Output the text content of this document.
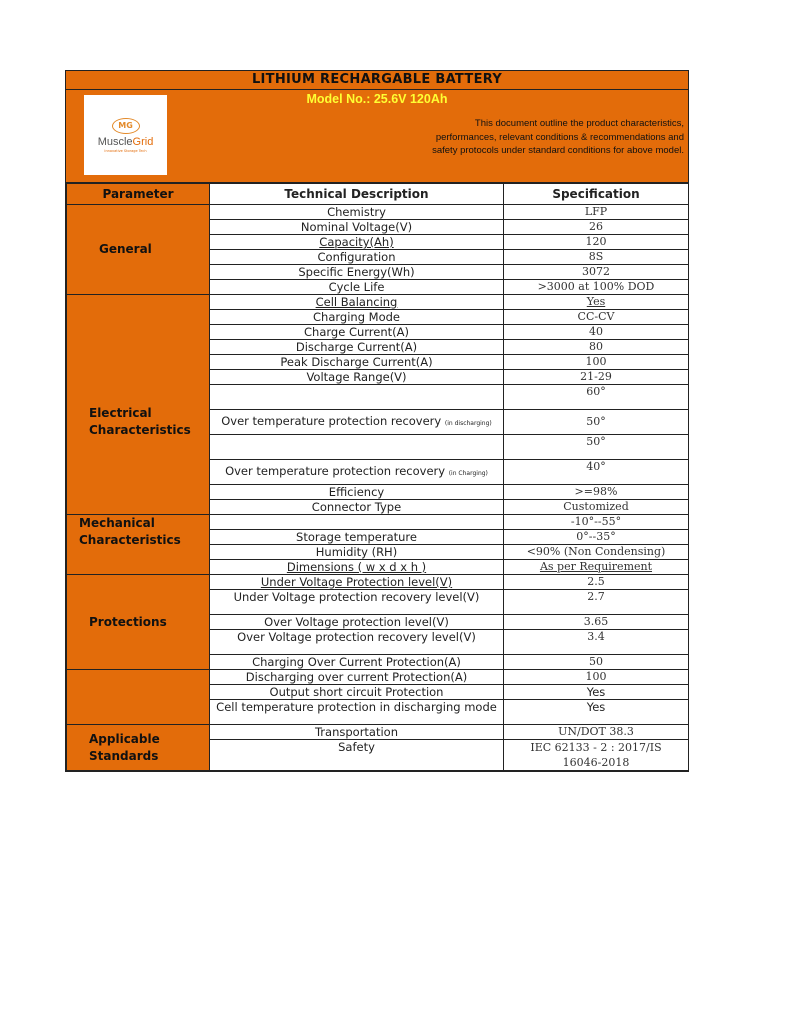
LITHIUM RECHARGABLE BATTERY
MG
MuscleGrid
Innovative Storage Tech
Model No.: 25.6V 120Ah
This document outline the product characteristics, performances, relevant conditions & recommendations and safety protocols under standard conditions for above model.
Parameter	Technical Description	Specification
General	Chemistry	LFP
	Nominal Voltage(V)	26
	Capacity(Ah)	120
	Configuration	8S
	Specific Energy(Wh)	3072
	Cycle Life	>3000 at 100% DOD
Electrical Characteristics	Cell Balancing	Yes
	Charging Mode	CC-CV
	Charge Current(A)	40
	Discharge Current(A)	80
	Peak Discharge Current(A)	100
	Voltage Range(V)	21-29
		60°
	Over temperature protection recovery (in discharging)	50°
		50°
	Over temperature protection recovery (in Charging)	40°
	Efficiency	>=98%
	Connector Type	Customized
Mechanical Characteristics		-10°--55°
	Storage temperature	0°--35°
	Humidity (RH)	<90% (Non Condensing)
	Dimensions ( w x d x h )	As per Requirement
Protections	Under Voltage Protection level(V)	2.5
	Under Voltage protection recovery level(V)	2.7
	Over Voltage protection level(V)	3.65
	Over Voltage protection recovery level(V)	3.4
	Charging Over Current Protection(A)	50
	Discharging over current Protection(A)	100
	Output short circuit Protection	Yes
	Cell temperature protection in discharging mode	Yes
Applicable Standards	Transportation	UN/DOT 38.3
	Safety	IEC 62133 - 2 : 2017/IS 16046-2018
